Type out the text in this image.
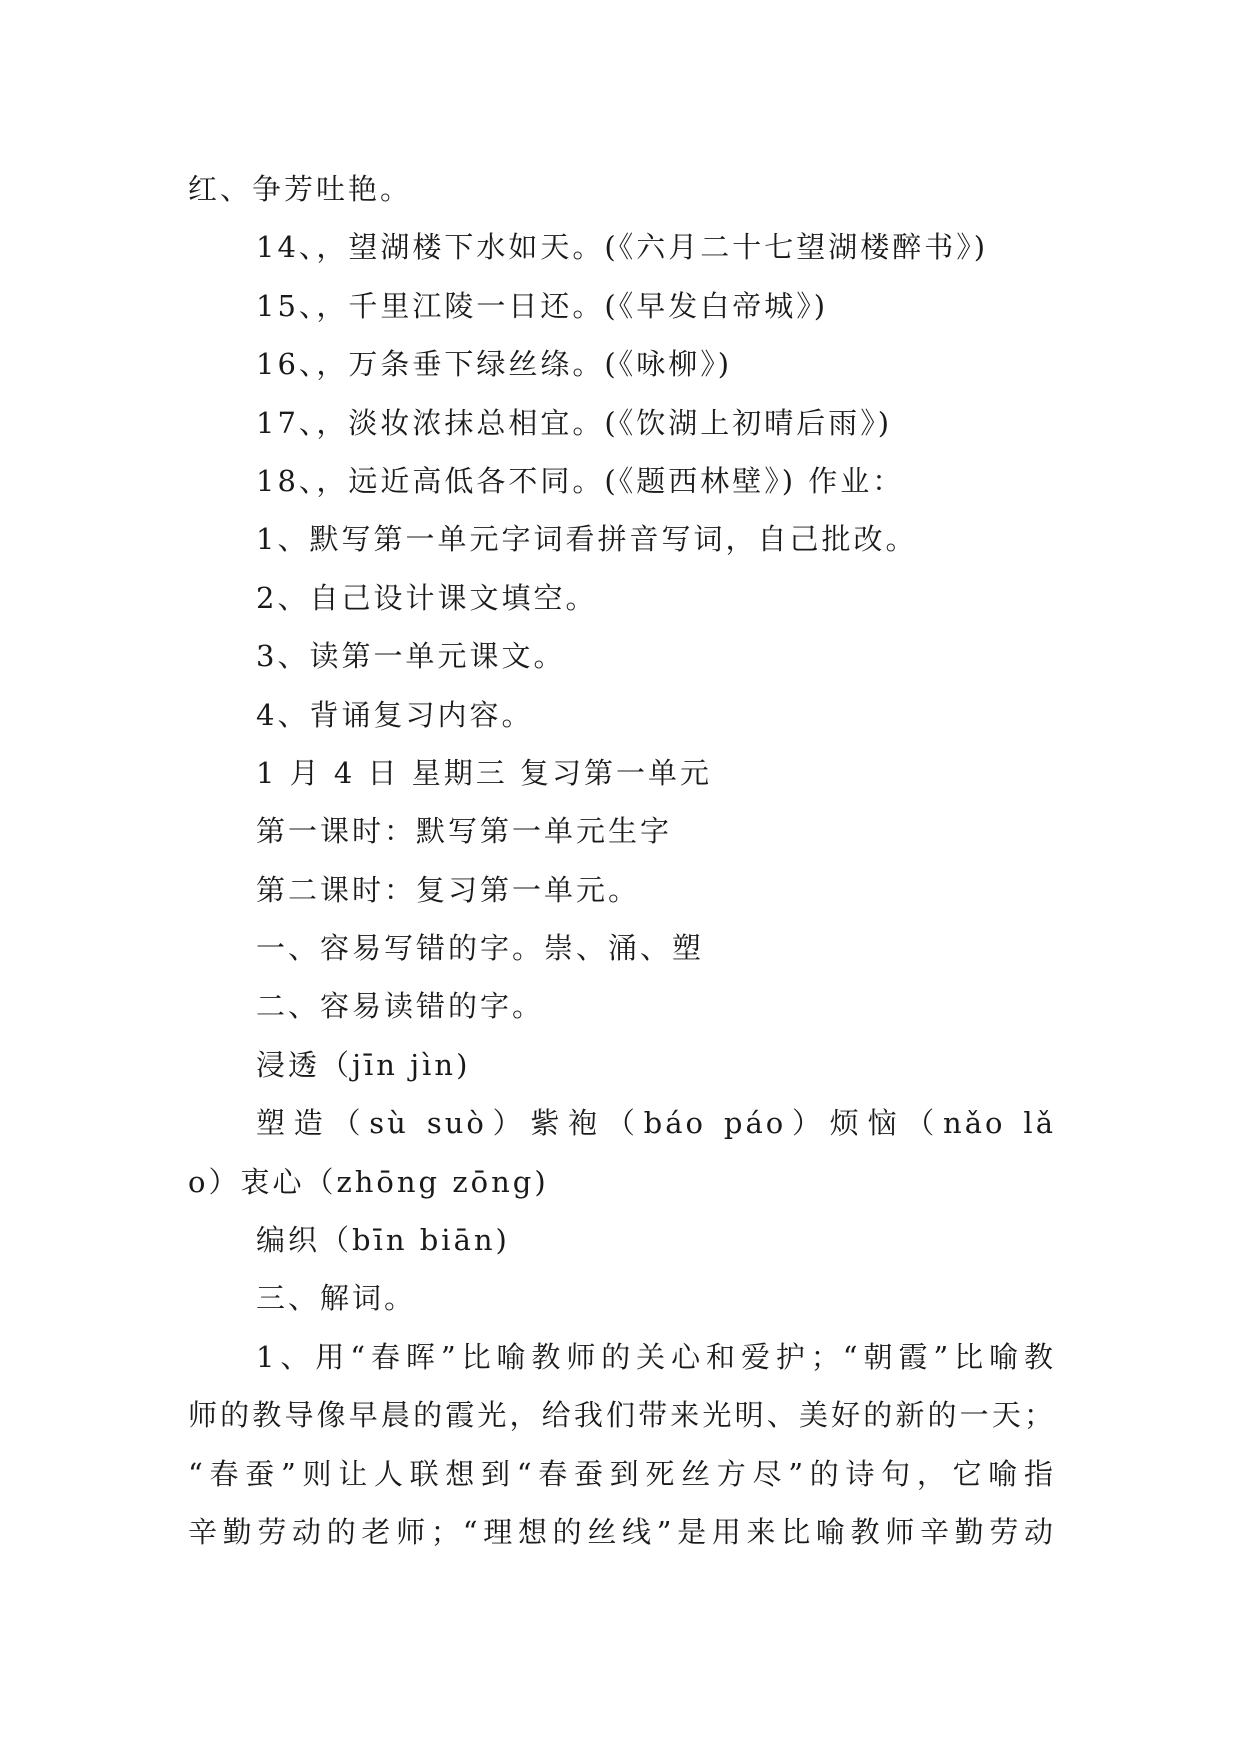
红、争芳吐艳。
14、，望湖楼下水如天。(《六月二十七望湖楼醉书》)
15、，千里江陵一日还。(《早发白帝城》)
16、，万条垂下绿丝绦。(《咏柳》)
17、，淡妆浓抹总相宜。(《饮湖上初晴后雨》)
18、，远近高低各不同。(《题西林壁》) 作业：
1、默写第一单元字词看拼音写词，自己批改。
2、自己设计课文填空。
3、读第一单元课文。
4、背诵复习内容。
1 月 4 日 星期三 复习第一单元
第一课时：默写第一单元生字
第二课时：复习第一单元。
一、容易写错的字。崇、涌、塑
二、容易读错的字。
浸透（jīn jìn)
塑造（sù suò）紫袍（báo páo）烦恼（nǎo lǎ
o）衷心（zhōng zōng)
编织（bīn biān)
三、解词。
1、用“春晖”比喻教师的关心和爱护；“朝霞”比喻教
师的教导像早晨的霞光，给我们带来光明、美好的新的一天；
“春蚕”则让人联想到“春蚕到死丝方尽”的诗句，它喻指
辛勤劳动的老师；“理想的丝线”是用来比喻教师辛勤劳动
